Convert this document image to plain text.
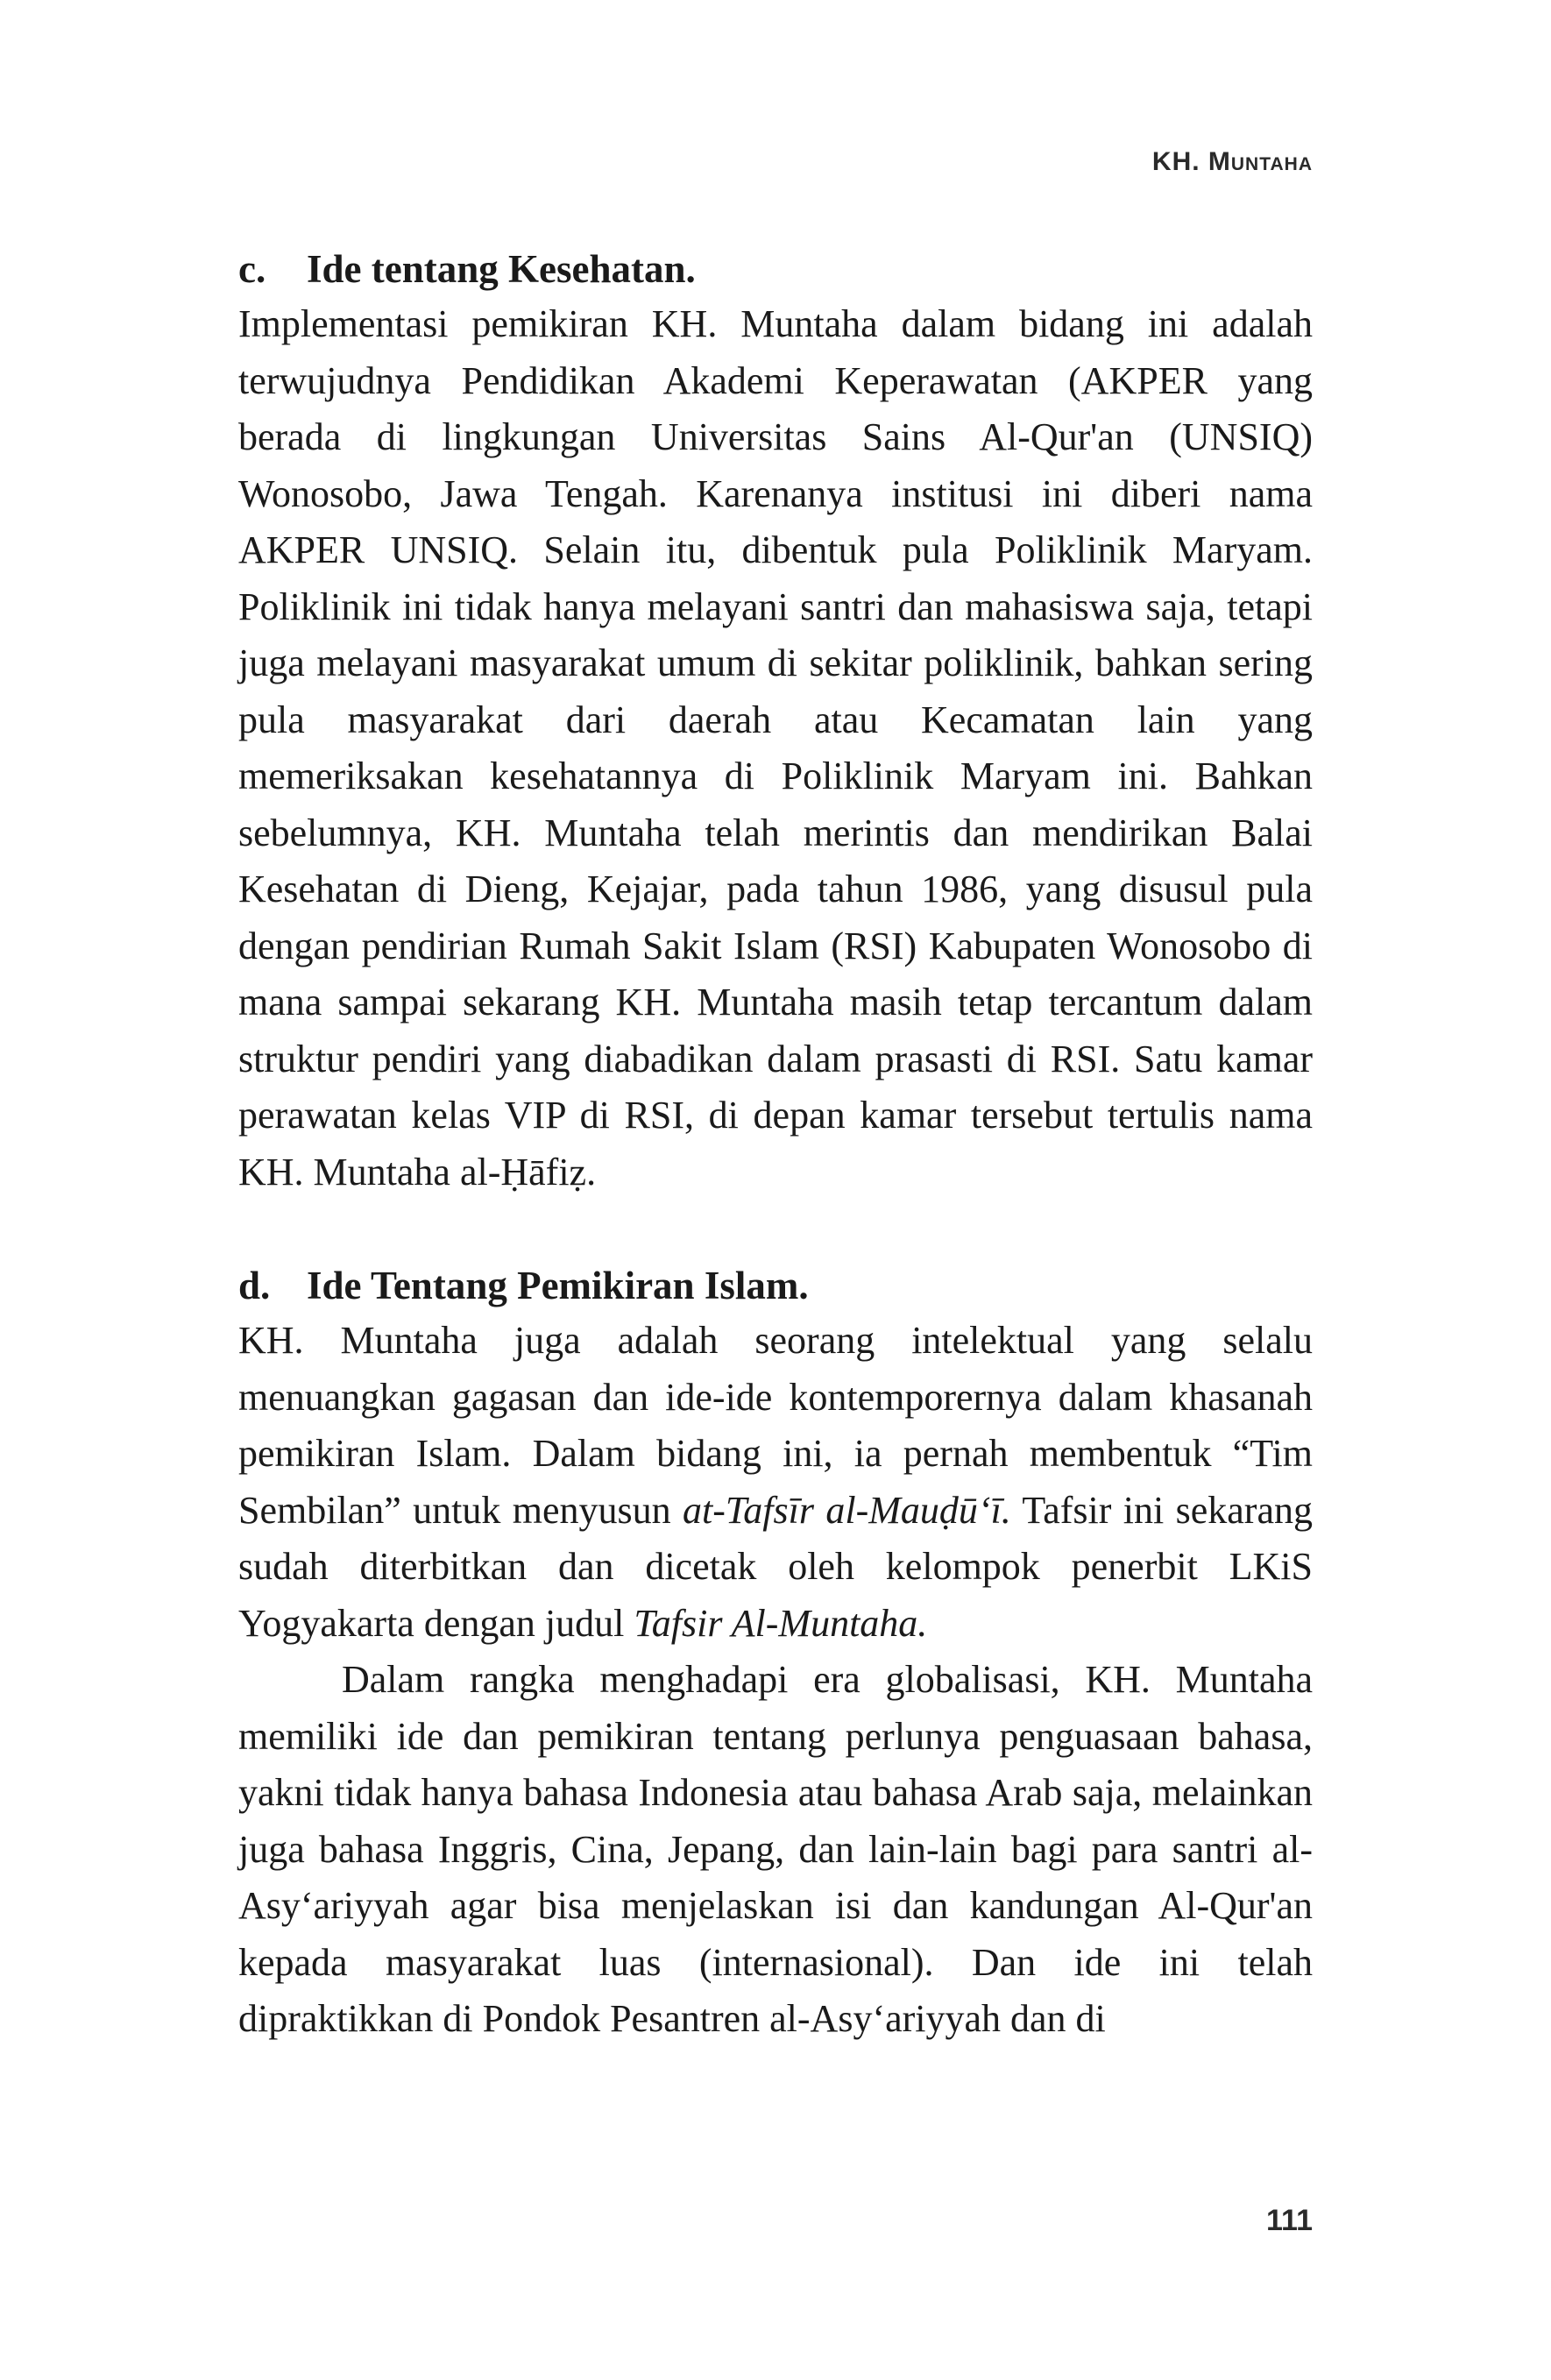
KH. Muntaha
c.	Ide tentang Kesehatan.

Implementasi pemikiran KH. Muntaha dalam bidang ini adalah terwujudnya Pendidikan Akademi Keperawatan (AKPER yang berada di lingkungan Universitas Sains Al-Qur'an (UNSIQ) Wonosobo, Jawa Tengah. Karenanya institusi ini diberi nama AKPER UNSIQ. Selain itu, dibentuk pula Poliklinik Maryam. Poliklinik ini tidak hanya melayani santri dan mahasiswa saja, tetapi juga melayani masyarakat umum di sekitar poliklinik, bahkan sering pula masyarakat dari daerah atau Kecamatan lain yang memeriksakan kesehatannya di Poliklinik Maryam ini. Bahkan sebelumnya, KH. Muntaha telah merintis dan mendirikan Balai Kesehatan di Dieng, Kejajar, pada tahun 1986, yang disusul pula dengan pendirian Rumah Sakit Islam (RSI) Kabupaten Wonosobo di mana sampai sekarang KH. Muntaha masih tetap tercantum dalam struktur pendiri yang diabadikan dalam prasasti di RSI. Satu kamar perawatan kelas VIP di RSI, di depan kamar tersebut tertulis nama KH. Muntaha al-Ḥāfiẓ.

d. Ide Tentang Pemikiran Islam.

KH. Muntaha juga adalah seorang intelektual yang selalu menuangkan gagasan dan ide-ide kontemporernya dalam khasanah pemikiran Islam. Dalam bidang ini, ia pernah membentuk “Tim Sembilan” untuk menyusun at-Tafsīr al-Mauḍū‘ī. Tafsir ini sekarang sudah diterbitkan dan dicetak oleh kelompok penerbit LKiS Yogyakarta dengan judul Tafsir Al-Muntaha.

Dalam rangka menghadapi era globalisasi, KH. Muntaha memiliki ide dan pemikiran tentang perlunya penguasaan bahasa, yakni tidak hanya bahasa Indonesia atau bahasa Arab saja, melainkan juga bahasa Inggris, Cina, Jepang, dan lain-lain bagi para santri al-Asy‘ariyyah agar bisa menjelaskan isi dan kandungan Al-Qur'an kepada masyarakat luas (internasional). Dan ide ini telah dipraktikkan di Pondok Pesantren al-Asy‘ariyyah dan di

111
